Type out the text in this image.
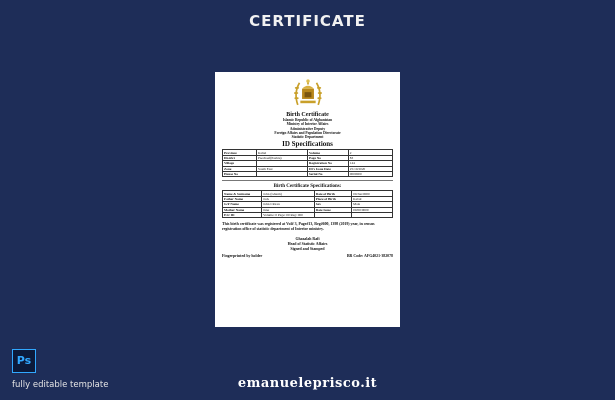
CERTIFICATE
Birth Certificate
Islamic Republic of Afghanistan
Ministry of Interior Affairs
Administrative Deputy
Foreign Affairs and Population Directorate
Statistic Department
ID Specifications
Province	Kabul	Volume	2
District	Paechaaf(Pashtu)	Page No	83
Village		Registration No	144
Zone	South East	ID's Issue Date	25/10/2020
House No		Serial No	0000000
Birth Certificate Specifications:
Name & Surname	John (Ghtem)	Date of Birth	00/Jan/0000
Father Name	Jack	Place of Birth	Kabul
G/F Name	John Citiren	Sex	Male
Mother Name	Jane	Date Issue	00/00/0000
E/tr ID	Volume: 0 Page: 00 Reg: 000		
This birth certificate was registered at Vol# 3, Page#13, Reg#600, 1398 (2019) year, in census registration office of statistic department of Interior ministry.
Ghazalah Rafi
Head of Statistic Affairs
Signed and Stamped
Fingerprinted by holder	BR Code: AFG4021-382078
Ps
fully editable template	emanueleprisco.it
